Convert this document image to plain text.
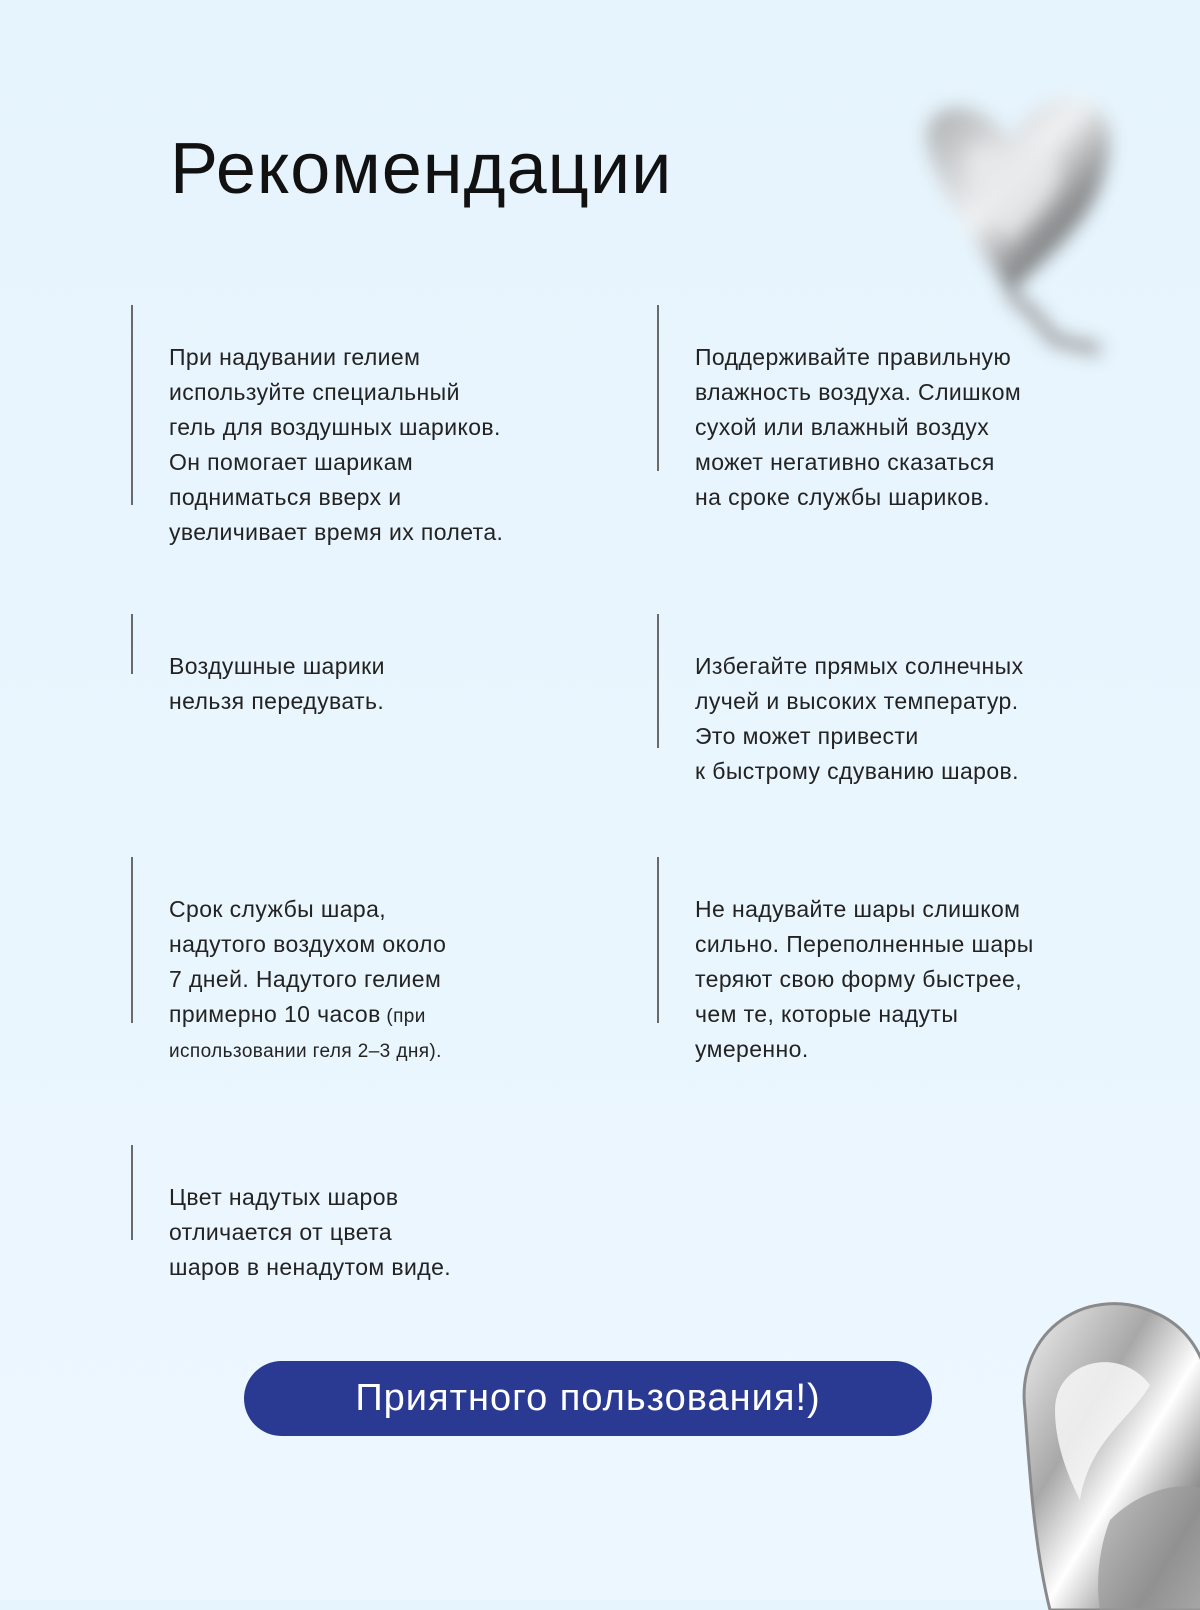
Рекомендации

При надувании гелием
используйте специальный
гель для воздушных шариков.
Он помогает шарикам
подниматься вверх и
увеличивает время их полета.

Поддерживайте правильную
влажность воздуха. Слишком
сухой или влажный воздух
может негативно сказаться
на сроке службы шариков.

Воздушные шарики
нельзя передувать.

Избегайте прямых солнечных
лучей и высоких температур.
Это может привести
к быстрому сдуванию шаров.

Срок службы шара,
надутого воздухом около
7 дней. Надутого гелием
примерно 10 часов (при

использовании геля 2–3 дня).

Не надувайте шары слишком
сильно. Переполненные шары
теряют свою форму быстрее,
чем те, которые надуты
умеренно.

Цвет надутых шаров
отличается от цвета
шаров в ненадутом виде.

Приятного пользования!)
